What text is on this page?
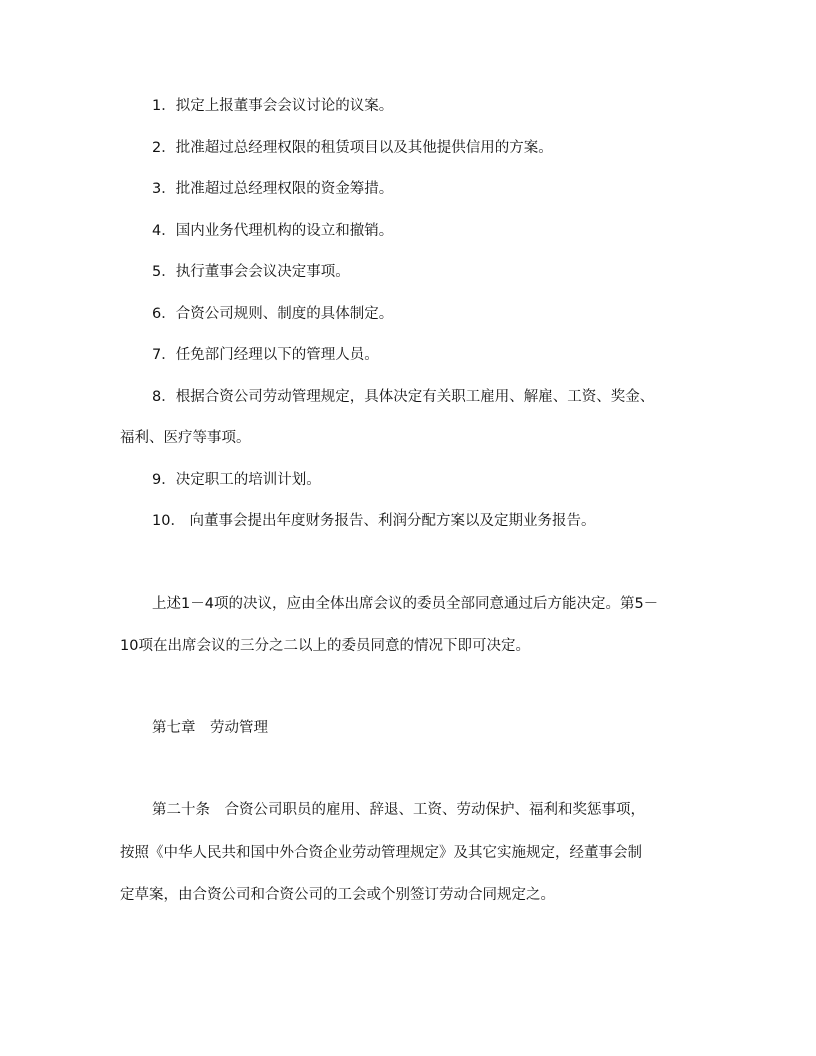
1．拟定上报董事会会议讨论的议案。
2．批准超过总经理权限的租赁项目以及其他提供信用的方案。
3．批准超过总经理权限的资金筹措。
4．国内业务代理机构的设立和撤销。
5．执行董事会会议决定事项。
6．合资公司规则、制度的具体制定。
7．任免部门经理以下的管理人员。
8．根据合资公司劳动管理规定，具体决定有关职工雇用、解雇、工资、奖金、
福利、医疗等事项。
9．决定职工的培训计划。
10． 向董事会提出年度财务报告、利润分配方案以及定期业务报告。
上述1－4项的决议，应由全体出席会议的委员全部同意通过后方能决定。第5－
10项在出席会议的三分之二以上的委员同意的情况下即可决定。
第七章　劳动管理
第二十条　合资公司职员的雇用、辞退、工资、劳动保护、福利和奖惩事项，
按照《中华人民共和国中外合资企业劳动管理规定》及其它实施规定，经董事会制
定草案，由合资公司和合资公司的工会或个别签订劳动合同规定之。
